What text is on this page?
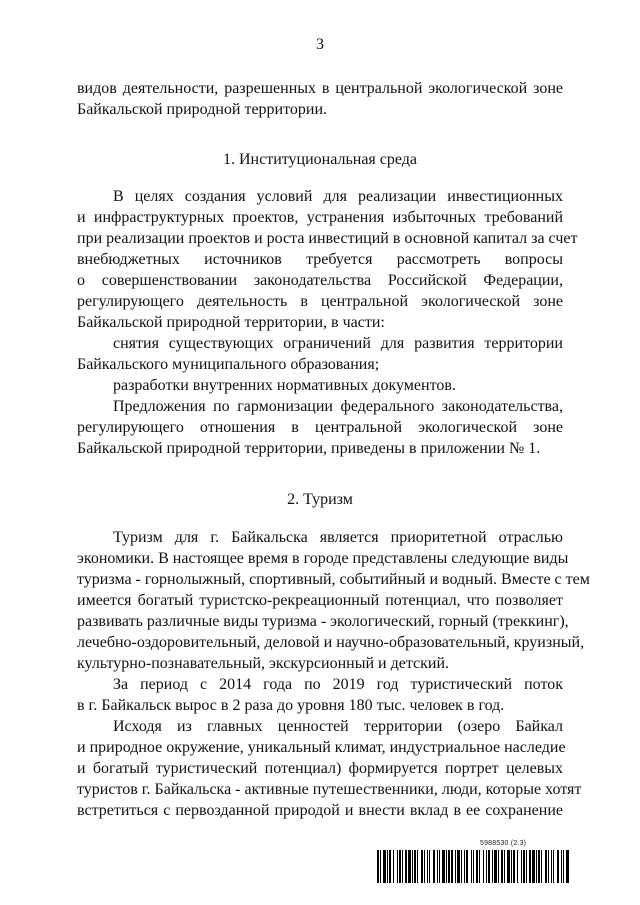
3
видов деятельности, разрешенных в центральной экологической зоне
Байкальской природной территории.
1. Институциональная среда
В целях создания условий для реализации инвестиционных
и инфраструктурных проектов, устранения избыточных требований
при реализации проектов и роста инвестиций в основной капитал за счет
внебюджетных источников требуется рассмотреть вопросы
о совершенствовании законодательства Российской Федерации,
регулирующего деятельность в центральной экологической зоне
Байкальской природной территории, в части:
снятия существующих ограничений для развития территории
Байкальского муниципального образования;
разработки внутренних нормативных документов.
Предложения по гармонизации федерального законодательства,
регулирующего отношения в центральной экологической зоне
Байкальской природной территории, приведены в приложении № 1.
2. Туризм
Туризм для г. Байкальска является приоритетной отраслью
экономики. В настоящее время в городе представлены следующие виды
туризма - горнолыжный, спортивный, событийный и водный. Вместе с тем
имеется богатый туристско-рекреационный потенциал, что позволяет
развивать различные виды туризма - экологический, горный (треккинг),
лечебно-оздоровительный, деловой и научно-образовательный, круизный,
культурно-познавательный, экскурсионный и детский.
За период с 2014 года по 2019 год туристический поток
в г. Байкальск вырос в 2 раза до уровня 180 тыс. человек в год.
Исходя из главных ценностей территории (озеро Байкал
и природное окружение, уникальный климат, индустриальное наследие
и богатый туристический потенциал) формируется портрет целевых
туристов г. Байкальска - активные путешественники, люди, которые хотят
встретиться с первозданной природой и внести вклад в ее сохранение
5988530 (2.3)
